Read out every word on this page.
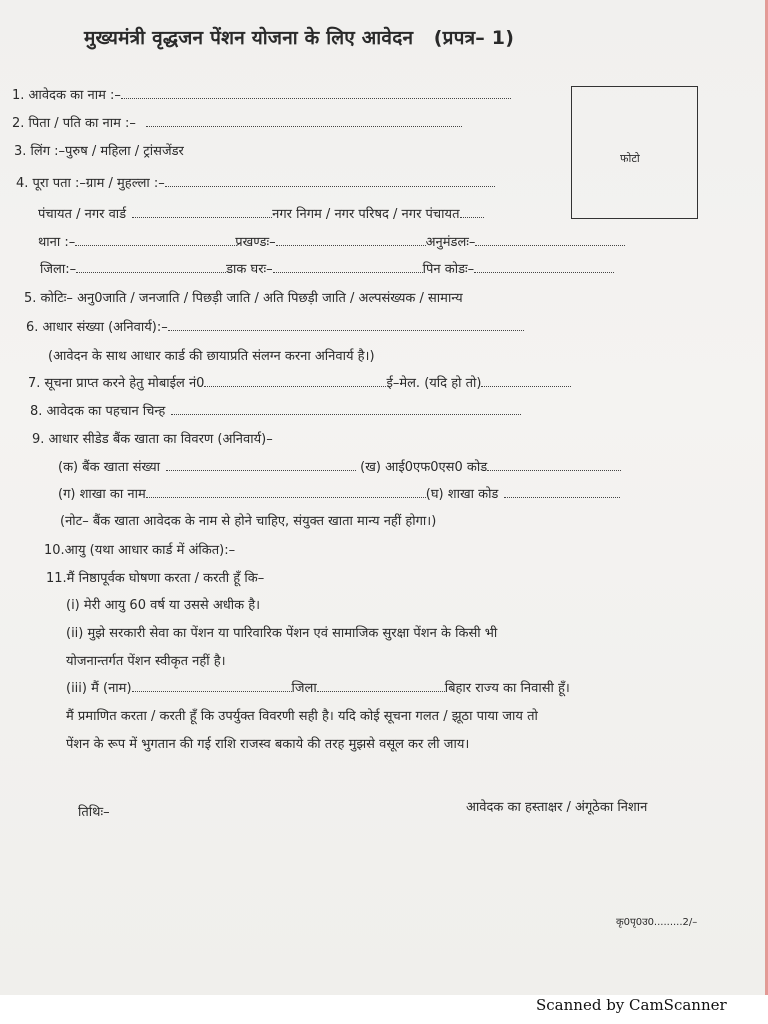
मुख्यमंत्री वृद्धजन पेंशन योजना के लिए आवेदन (प्रपत्र– 1)
फोटो
1. आवेदक का नाम :–
2. पिता / पति का नाम :–
3. लिंग :–पुरुष / महिला / ट्रांसजेंडर
4. पूरा पता :–ग्राम / मुहल्ला :–
पंचायत / नगर वार्ड	नगर निगम / नगर परिषद / नगर पंचायत
थाना :–	प्रखण्डः–	अनुमंडलः–
जिला:–	डाक घरः–	पिन कोडः–
5. कोटिः– अनु0जाति / जनजाति / पिछड़ी जाति / अति पिछड़ी जाति / अल्पसंख्यक / सामान्य
6. आधार संख्या (अनिवार्य):–
(आवेदन के साथ आधार कार्ड की छायाप्रति संलग्न करना अनिवार्य है।)
7. सूचना प्राप्त करने हेतु मोबाईल नं0	ई–मेल. (यदि हो तो)
8. आवेदक का पहचान चिन्ह
9. आधार सीडेड बैंक खाता का विवरण (अनिवार्य)–
(क) बैंक खाता संख्या	(ख) आई0एफ0एस0 कोड
(ग) शाखा का नाम	(घ) शाखा कोड
(नोट– बैंक खाता आवेदक के नाम से होने चाहिए, संयुक्त खाता मान्य नहीं होगा।)
10.आयु (यथा आधार कार्ड में अंकित):–
11.मैं निष्ठापूर्वक घोषणा करता / करती हूँ कि–
(i) मेरी आयु 60 वर्ष या उससे अधीक है।
(ii) मुझे सरकारी सेवा का पेंशन या पारिवारिक पेंशन एवं सामाजिक सुरक्षा पेंशन के किसी भी
योजनान्तर्गत पेंशन स्वीकृत नहीं है।
(iii) मैं (नाम)	जिला	बिहार राज्य का निवासी हूँ।
मैं प्रमाणित करता / करती हूँ कि उपर्युक्त विवरणी सही है। यदि कोई सूचना गलत / झूठा पाया जाय तो
पेंशन के रूप में भुगतान की गई राशि राजस्व बकाये की तरह मुझसे वसूल कर ली जाय।
तिथिः–	आवेदक का हस्ताक्षर / अंगूठेका निशान
कृ0पृ0उ0.........2/–
Scanned by CamScanner
